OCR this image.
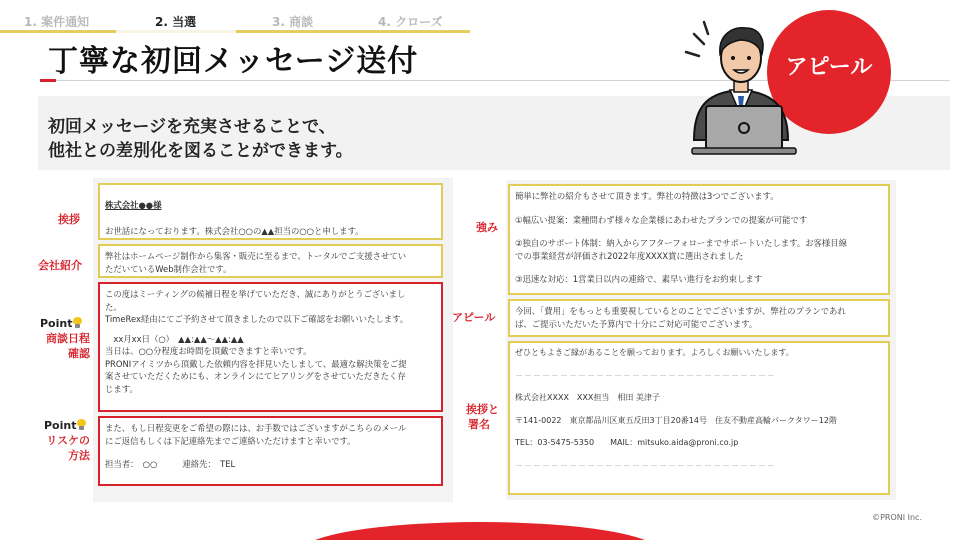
1. 案件通知	2. 当選	3. 商談	4. クローズ
丁寧な初回メッセージ送付
初回メッセージを充実させることで、
他社との差別化を図ることができます。
アピール
挨拶
会社紹介
Point
商談日程
確認
Point
リスケの
方法

株式会社●●様

お世話になっております。株式会社○○の▲▲担当の○○と申します。

弊社はホームページ制作から集客・販売に至るまで、トータルでご支援させてい

ただいているWeb制作会社です。

この度はミーティングの候補日程を挙げていただき、誠にありがとうございまし

た。

TimeRex経由にてご予約させて頂きましたので以下ご確認をお願いいたします。

　xx月xx日（○）　▲▲:▲▲〜▲▲:▲▲

当日は、○○分程度お時間を頂戴できますと幸いです。

PRONIアイミツから頂戴した依頼内容を拝見いたしまして、最適な解決策をご提

案させていただくためにも、オンラインにてヒアリングをさせていただきたく存

じます。

また、もし日程変更をご希望の際には、お手数ではございますがこちらのメール

にご返信もしくは下記連絡先までご連絡いただけますと幸いです。

担当者：　○○　　　連絡先：　TEL

強み
アピール
挨拶と
署名

簡単に弊社の紹介もさせて頂きます。弊社の特徴は3つでございます。

①幅広い提案：業種問わず様々な企業様にあわせたプランでの提案が可能です

②独自のサポート体制：納入からアフターフォローまでサポートいたします。お客様目線

での事業経営が評価され2022年度XXXX賞に選出されました

③迅速な対応：1営業日以内の連絡で、素早い進行をお約束します

今回、「費用」をもっとも重要視しているとのことでございますが、弊社のプランであれ

ば、ご提示いただいた予算内で十分にご対応可能でございます。

ぜひともよきご縁があることを願っております。よろしくお願いいたします。

－－－－－－－－－－－－－－－－－－－－－－－－－－－－－

株式会社XXXX　XXX担当　相田 美津子

〒141-0022　東京都品川区東五反田3丁目20番14号　住友不動産高輪パークタワー12階

TEL：03-5475-5350　　MAIL：mitsuko.aida@proni.co.jp

－－－－－－－－－－－－－－－－－－－－－－－－－－－－－

©PRONI Inc.
